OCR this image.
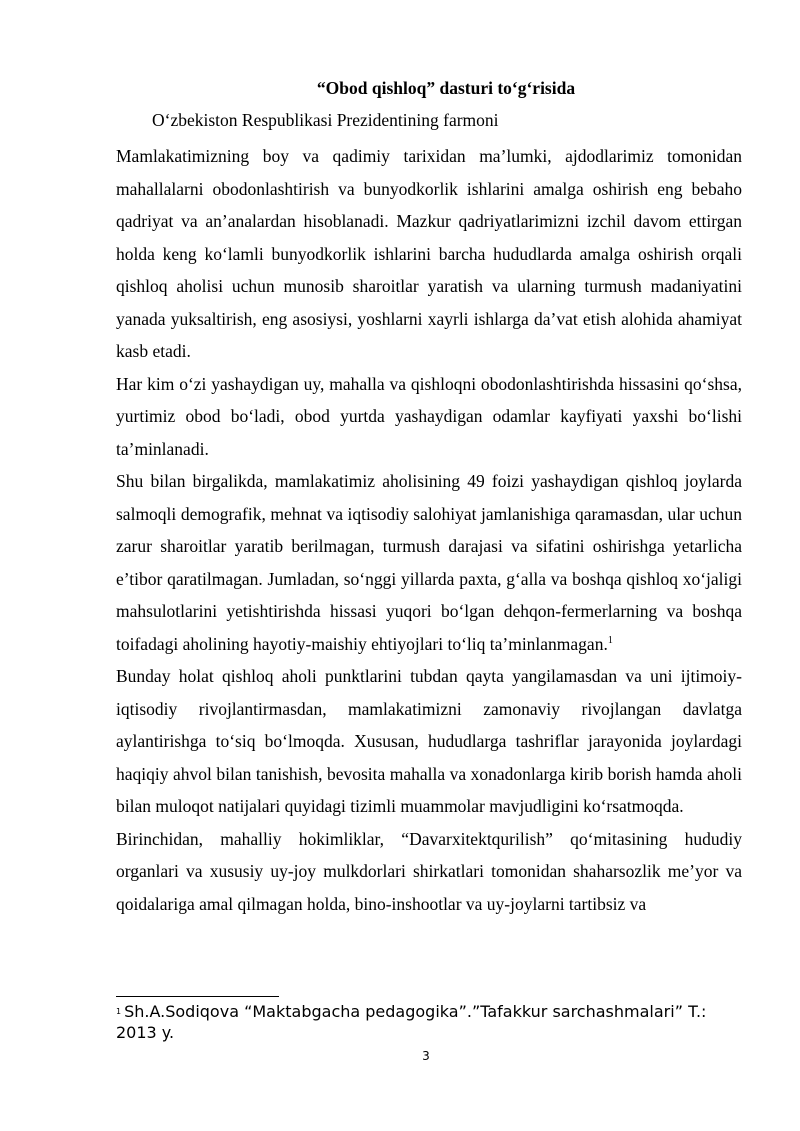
“Obod qishloq” dasturi to‘g‘risida
O‘zbekiston Respublikasi Prezidentining farmoni

Mamlakatimizning boy va qadimiy tarixidan ma’lumki, ajdodlarimiz tomonidan mahallalarni obodonlashtirish va bunyodkorlik ishlarini amalga oshirish eng bebaho qadriyat va an’analardan hisoblanadi. Mazkur qadriyatlarimizni izchil davom ettirgan holda keng ko‘lamli bunyodkorlik ishlarini barcha hududlarda amalga oshirish orqali qishloq aholisi uchun munosib sharoitlar yaratish va ularning turmush madaniyatini yanada yuksaltirish, eng asosiysi, yoshlarni xayrli ishlarga da’vat etish alohida ahamiyat kasb etadi.

Har kim o‘zi yashaydigan uy, mahalla va qishloqni obodonlashtirishda hissasini qo‘shsa, yurtimiz obod bo‘ladi, obod yurtda yashaydigan odamlar kayfiyati yaxshi bo‘lishi ta’minlanadi.

Shu bilan birgalikda, mamlakatimiz aholisining 49 foizi yashaydigan qishloq joylarda salmoqli demografik, mehnat va iqtisodiy salohiyat jamlanishiga qaramasdan, ular uchun zarur sharoitlar yaratib berilmagan, turmush darajasi va sifatini oshirishga yetarlicha e’tibor qaratilmagan. Jumladan, so‘nggi yillarda paxta, g‘alla va boshqa qishloq xo‘jaligi mahsulotlarini yetishtirishda hissasi yuqori bo‘lgan dehqon-fermerlarning va boshqa toifadagi aholining hayotiy-maishiy ehtiyojlari to‘liq ta’minlanmagan.$^1$

Bunday holat qishloq aholi punktlarini tubdan qayta yangilamasdan va uni ijtimoiy-iqtisodiy rivojlantirmasdan, mamlakatimizni zamonaviy rivojlangan davlatga aylantirishga to‘siq bo‘lmoqda. Xususan, hududlarga tashriflar jarayonida joylardagi haqiqiy ahvol bilan tanishish, bevosita mahalla va xonadonlarga kirib borish hamda aholi bilan muloqot natijalari quyidagi tizimli muammolar mavjudligini ko‘rsatmoqda.

Birinchidan, mahalliy hokimliklar, “Davarxitektqurilish” qo‘mitasining hududiy organlari va xususiy uy-joy mulkdorlari shirkatlari tomonidan shaharsozlik me’yor va qoidalariga amal qilmagan holda, bino-inshootlar va uy-joylarni tartibsiz va

1 Sh.A.Sodiqova “Maktabgacha pedagogika”.”Tafakkur sarchashmalari” T.: 2013 y.
3
